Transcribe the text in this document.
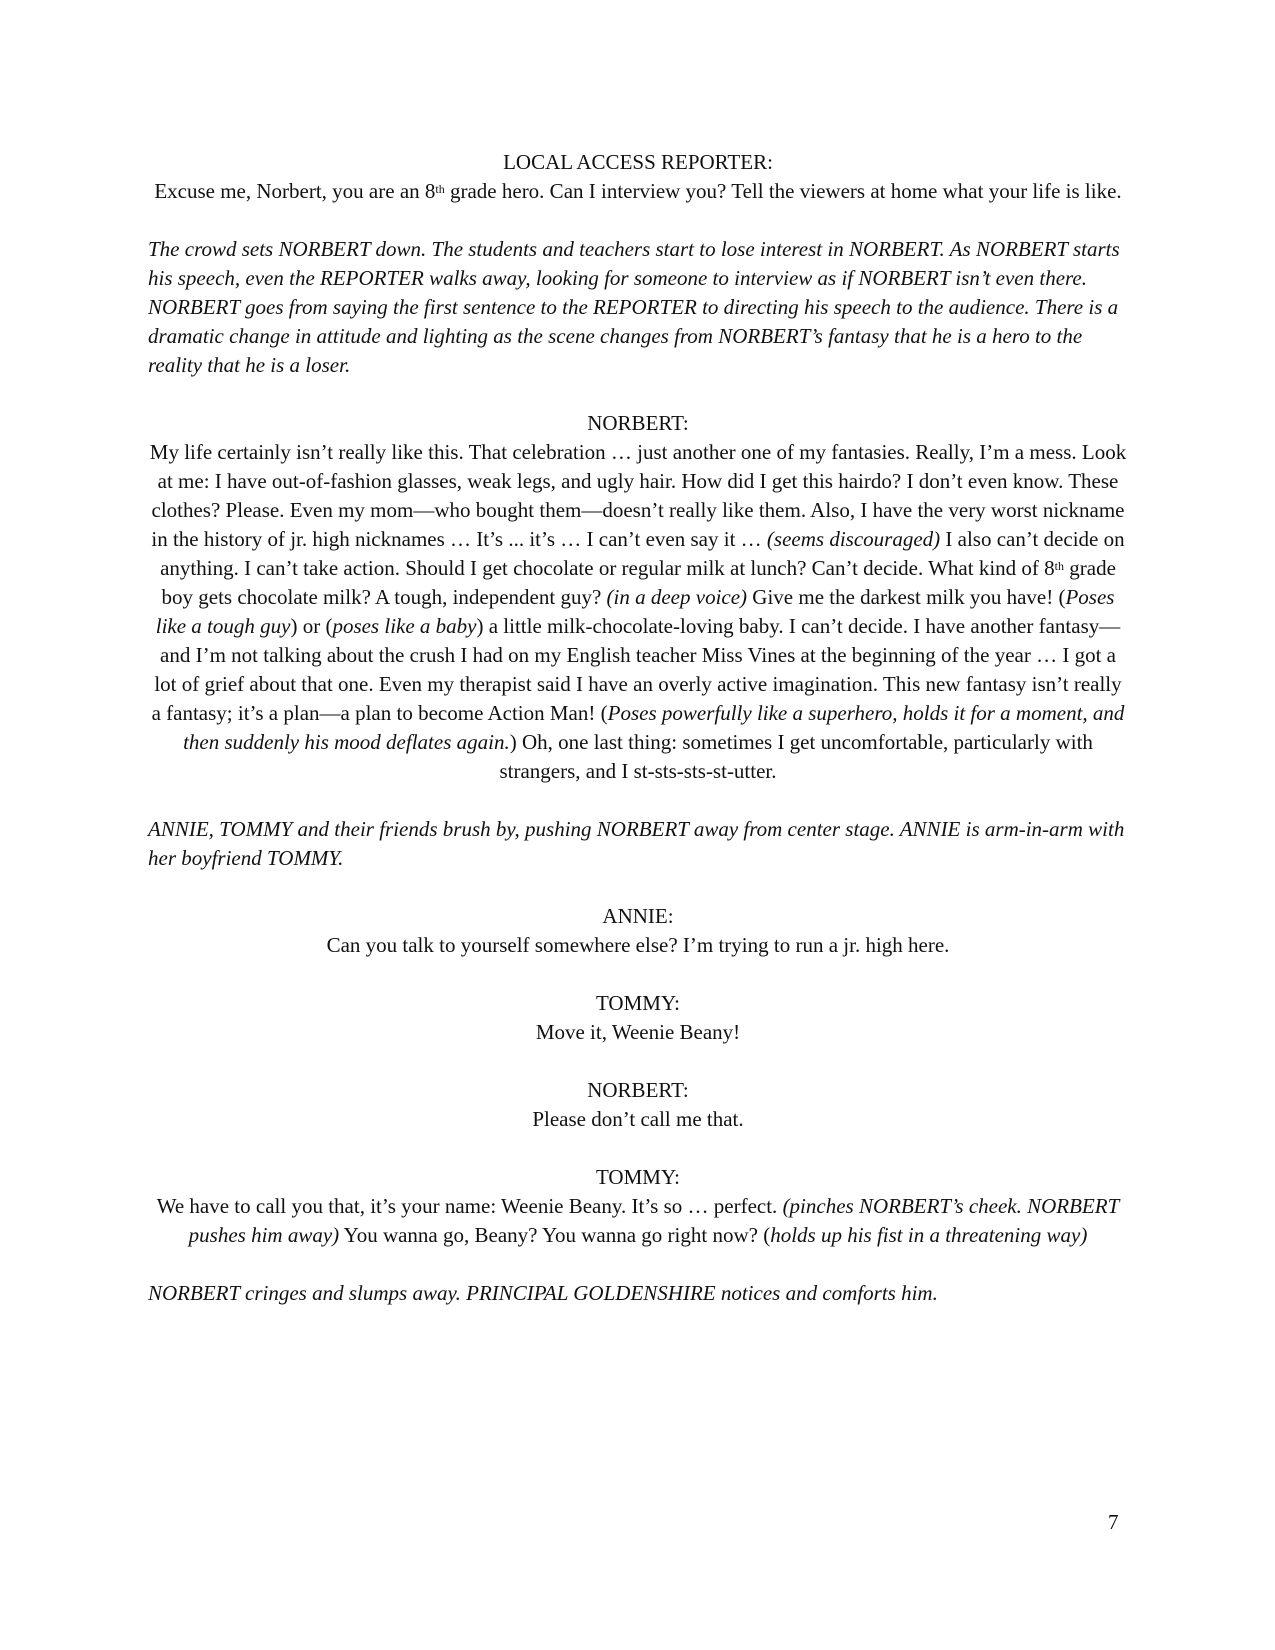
LOCAL ACCESS REPORTER:

Excuse me, Norbert, you are an 8th grade hero. Can I interview you? Tell the viewers at home what your life is like.

The crowd sets NORBERT down. The students and teachers start to lose interest in NORBERT. As NORBERT starts his speech, even the REPORTER walks away, looking for someone to interview as if NORBERT isn’t even there. NORBERT goes from saying the first sentence to the REPORTER to directing his speech to the audience. There is a dramatic change in attitude and lighting as the scene changes from NORBERT’s fantasy that he is a hero to the reality that he is a loser.

NORBERT:

My life certainly isn’t really like this. That celebration … just another one of my fantasies. Really, I’m a mess. Look at me: I have out-of-fashion glasses, weak legs, and ugly hair. How did I get this hairdo? I don’t even know. These clothes? Please. Even my mom—who bought them—doesn’t really like them. Also, I have the very worst nickname in the history of jr. high nicknames … It’s ... it’s … I can’t even say it … (seems discouraged) I also can’t decide on anything. I can’t take action. Should I get chocolate or regular milk at lunch? Can’t decide. What kind of 8th grade boy gets chocolate milk? A tough, independent guy? (in a deep voice) Give me the darkest milk you have! (Poses like a tough guy) or (poses like a baby) a little milk-chocolate-loving baby. I can’t decide. I have another fantasy—and I’m not talking about the crush I had on my English teacher Miss Vines at the beginning of the year … I got a lot of grief about that one. Even my therapist said I have an overly active imagination. This new fantasy isn’t really a fantasy; it’s a plan—a plan to become Action Man! (Poses powerfully like a superhero, holds it for a moment, and then suddenly his mood deflates again.) Oh, one last thing: sometimes I get uncomfortable, particularly with strangers, and I st-sts-sts-st-utter.

ANNIE, TOMMY and their friends brush by, pushing NORBERT away from center stage. ANNIE is arm-in-arm with her boyfriend TOMMY.

ANNIE:

Can you talk to yourself somewhere else? I’m trying to run a jr. high here.

TOMMY:

Move it, Weenie Beany!

NORBERT:

Please don’t call me that.

TOMMY:

We have to call you that, it’s your name: Weenie Beany. It’s so … perfect. (pinches NORBERT’s cheek. NORBERT pushes him away) You wanna go, Beany? You wanna go right now? (holds up his fist in a threatening way)

NORBERT cringes and slumps away. PRINCIPAL GOLDENSHIRE notices and comforts him.

7
